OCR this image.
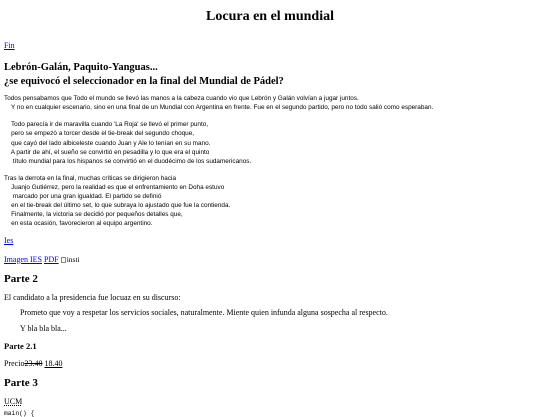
Locura en el mundial
Fin
Lebrón-Galán, Paquito-Yanguas...
¿se equivocó el seleccionador en la final del Mundial de Pádel?
Todos pensabamos que Todo el mundo se llevó las manos a la cabeza cuando vio que Lebrón y Galán volvían a jugar juntos.
Y no en cualquier escenario, sino en una final de un Mundial con Argentina en frente. Fue en el segundo partido, pero no todo salió como esperaban.
Todo parecía ir de maravilla cuando 'La Roja' se llevó el primer punto,
pero se empezó a torcer desde el tie-break del segundo choque,
que cayó del lado albiceleste cuando Juan y Ale lo tenían en su mano.
A partir de ahí, el sueño se convirtió en pesadilla y lo que era el quinto
título mundial para los hispanos se convirtió en el duodécimo de los sudamericanos.
Tras la derrota en la final, muchas críticas se dirigieron hacia
Juanjo Gutiérrez, pero la realidad es que el enfrentamiento en Doha estuvo
marcado por una gran igualdad. El partido se definió
en el tie-break del último set, lo que subraya lo ajustado que fue la contienda.
Finalmente, la victoria se decidió por pequeños detalles que,
en esta ocasión, favorecieron al equipo argentino.
Ies
Imagen IES PDF insti
Parte 2

El candidato a la presidencia fue locuaz en su discurso:

Prometo que voy a respetar los servicios sociales, naturalmente. Miente quien infunda alguna sospecha al respecto.

Y bla bla bla...

Parte 2.1

Precio23.40 18.40

Parte 3

UCM

main() {
